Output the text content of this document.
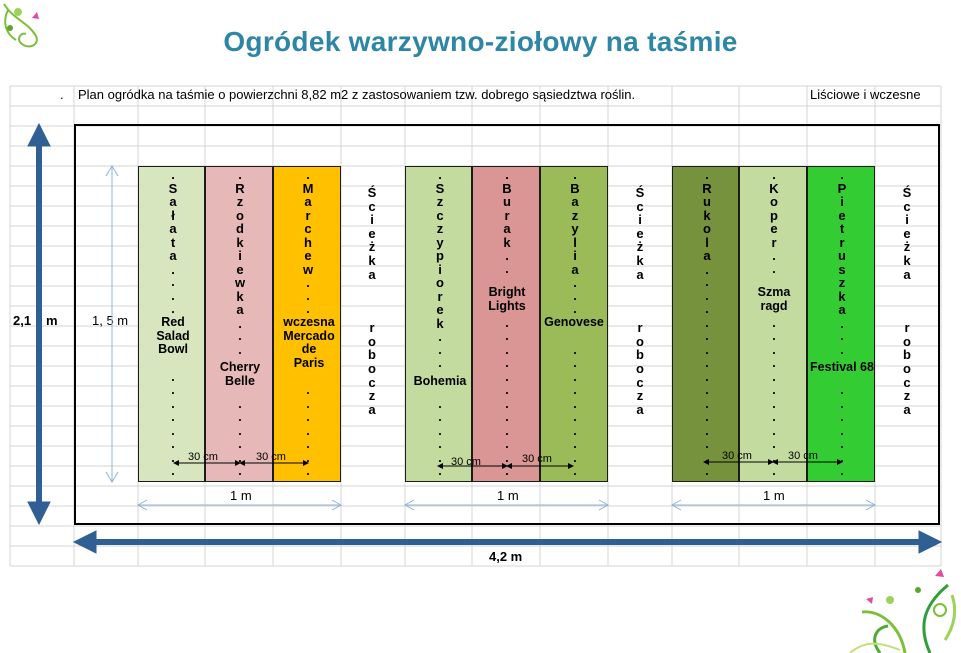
Ogródek warzywno-ziołowy na taśmie
. Plan ogródka na taśmie o powierzchni 8,82 m2 z zastosowaniem tzw. dobrego sąsiedztwa roślin.	Liściowe i wczesne
.
S
a
ł
a
t
a
.
.
R
z
o
d
k
i
e
w
k
a
.
.
M
a
r
c
h
e
w
.
.
S
z
c
z
y
p
i
o
r
e
k
.
.
B
u
r
a
k
.
.
B
a
z
y
l
i
a
.
.
R
u
k
o
l
a
.
.
K
o
p
e
r
.
.
P
i
e
t
r
u
s
z
k
a
.
Red
Salad
Bowl
Cherry
Belle
wczesna
Mercado
de
Paris
Bohemia
Bright
Lights
Genovese
Szma
ragd
Festival 68
Ś
c
i
e
ż
k
a

r
o
b
o
c
z
a
Ś
c
i
e
ż
k
a

r
o
b
o
c
z
a
Ś
c
i
e
ż
k
a

r
o
b
o
c
z
a
2,1 m	1, 5 m
4,2 m
1 m	1 m	1 m
30 cm	30 cm	30 cm	30 cm	30 cm	30 cm
.
.
.
.
.
.
.
.
.
.
.
.
.
.
.
.
.
.
.
.
.
.
.
.
.
.
.
.
.
.
.
.
.
.
.
.
.
.
.
.
.
.
.
.
.
.
.
.
.
.
.
.
.
.
.
.
.
.
.
.
.
.
.
.
.
.
.
.
.
.
.
.
.
.
.
.
.
.
.
.
.
.
.
.
.
.
.
.
.
.
.
.
.
.
.
.
.
.
